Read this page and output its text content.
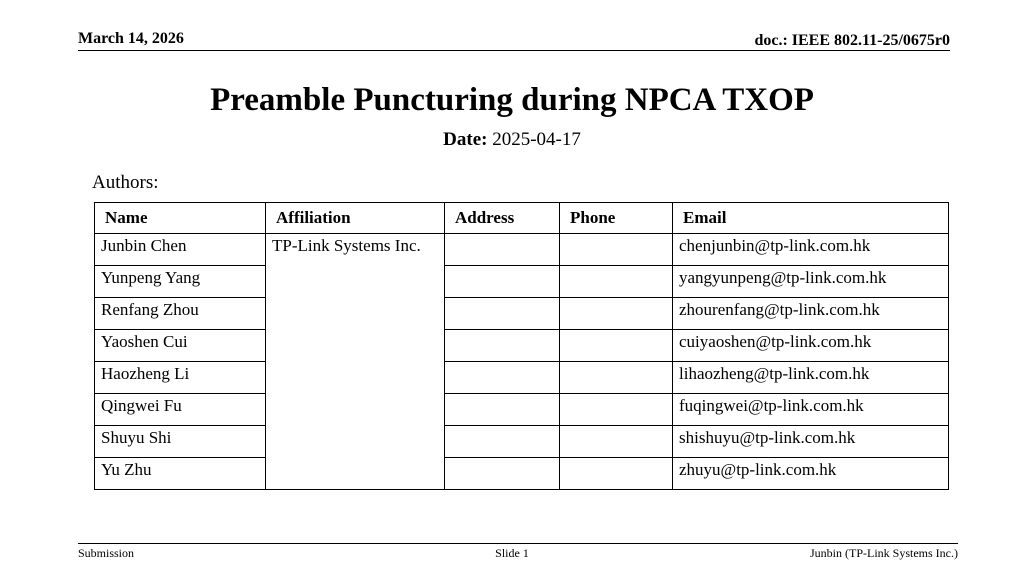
March 14, 2026	doc.: IEEE 802.11-25/0675r0
Preamble Puncturing during NPCA TXOP
Date: 2025-04-17
Authors:
Name	Affiliation	Address	Phone	Email
Junbin Chen	TP-Link Systems Inc.			chenjunbin@tp-link.com.hk
Yunpeng Yang				yangyunpeng@tp-link.com.hk
Renfang Zhou				zhourenfang@tp-link.com.hk
Yaoshen Cui				cuiyaoshen@tp-link.com.hk
Haozheng Li				lihaozheng@tp-link.com.hk
Qingwei Fu				fuqingwei@tp-link.com.hk
Shuyu Shi				shishuyu@tp-link.com.hk
Yu Zhu				zhuyu@tp-link.com.hk
Submission	Slide 1	Junbin (TP-Link Systems Inc.)
